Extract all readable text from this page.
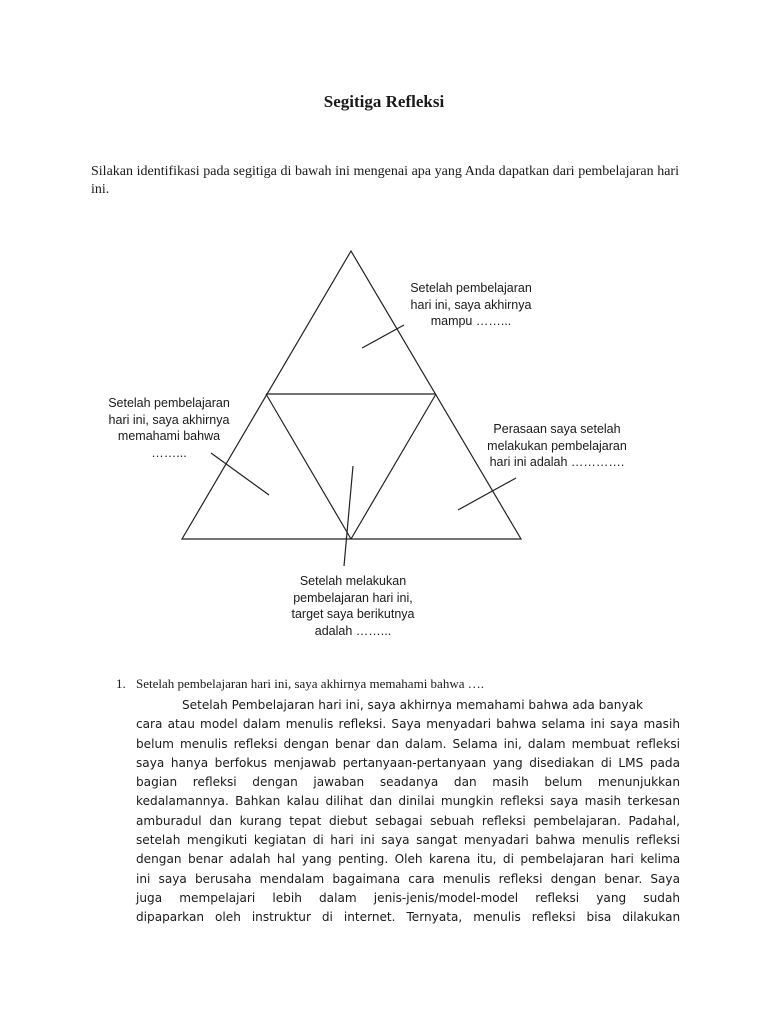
Segitiga Refleksi
Silakan identifikasi pada segitiga di bawah ini mengenai apa yang Anda dapatkan dari pembelajaran hari ini.
Setelah pembelajaran
hari ini, saya akhirnya
mampu ……...
Setelah pembelajaran
hari ini, saya akhirnya
memahami bahwa
……...
Perasaan saya setelah
melakukan pembelajaran
hari ini adalah ………….
Setelah melakukan
pembelajaran hari ini,
target saya berikutnya
adalah ……...
1. Setelah pembelajaran hari ini, saya akhirnya memahami bahwa ….
Setelah Pembelajaran hari ini, saya akhirnya memahami bahwa ada banyak
cara atau model dalam menulis refleksi. Saya menyadari bahwa selama ini saya masih
belum menulis refleksi dengan benar dan dalam. Selama ini, dalam membuat refleksi
saya hanya berfokus menjawab pertanyaan-pertanyaan yang disediakan di LMS pada
bagian refleksi dengan jawaban seadanya dan masih belum menunjukkan
kedalamannya. Bahkan kalau dilihat dan dinilai mungkin refleksi saya masih terkesan
amburadul dan kurang tepat diebut sebagai sebuah refleksi pembelajaran. Padahal,
setelah mengikuti kegiatan di hari ini saya sangat menyadari bahwa menulis refleksi
dengan benar adalah hal yang penting. Oleh karena itu, di pembelajaran hari kelima
ini saya berusaha mendalam bagaimana cara menulis refleksi dengan benar. Saya
juga mempelajari lebih dalam jenis-jenis/model-model refleksi yang sudah
dipaparkan oleh instruktur di internet. Ternyata, menulis refleksi bisa dilakukan
